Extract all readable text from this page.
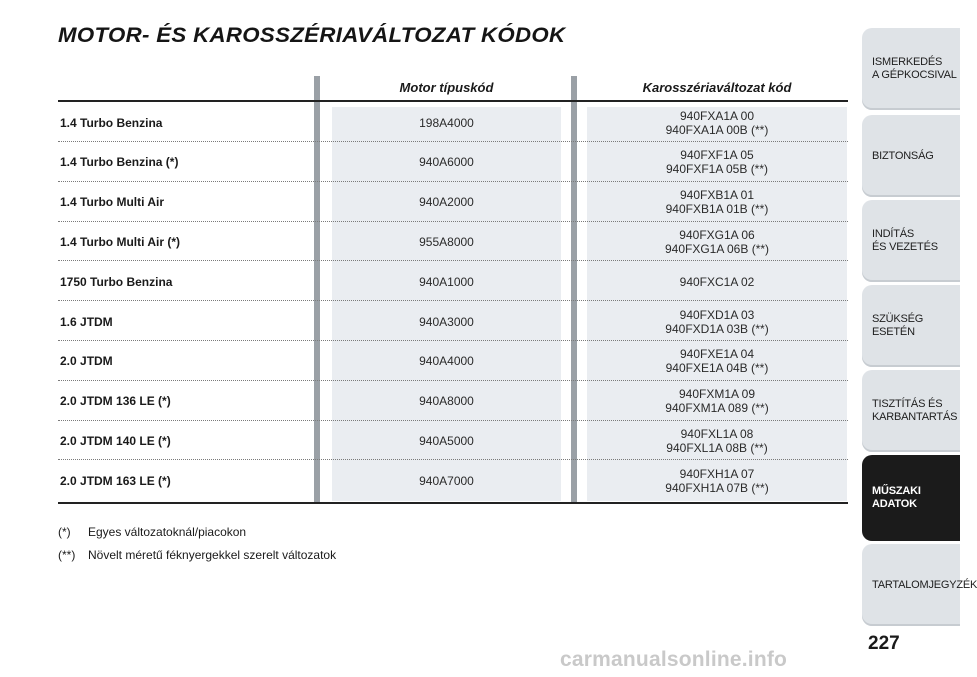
MOTOR- ÉS KAROSSZÉRIAVÁLTOZAT KÓDOK
Motor típuskód	Karosszériaváltozat kód
1.4 Turbo Benzina	198A4000	940FXA1A 00
940FXA1A 00B (**)
1.4 Turbo Benzina (*)	940A6000	940FXF1A 05
940FXF1A 05B (**)
1.4 Turbo Multi Air	940A2000	940FXB1A 01
940FXB1A 01B (**)
1.4 Turbo Multi Air (*)	955A8000	940FXG1A 06
940FXG1A 06B (**)
1750 Turbo Benzina	940A1000	940FXC1A 02
1.6 JTDM	940A3000	940FXD1A 03
940FXD1A 03B (**)
2.0 JTDM	940A4000	940FXE1A 04
940FXE1A 04B (**)
2.0 JTDM 136 LE (*)	940A8000	940FXM1A 09
940FXM1A 089 (**)
2.0 JTDM 140 LE (*)	940A5000	940FXL1A 08
940FXL1A 08B (**)
2.0 JTDM 163 LE (*)	940A7000	940FXH1A 07
940FXH1A 07B (**)
(*)	Egyes változatoknál/piacokon
(**)	Növelt méretű féknyergekkel szerelt változatok
ISMERKEDÉS
A GÉPKOCSIVAL
BIZTONSÁG
INDÍTÁS
ÉS VEZETÉS
SZÜKSÉG
ESETÉN
TISZTÍTÁS ÉS
KARBANTARTÁS
MŰSZAKI
ADATOK
TARTALOMJEGYZÉK
227
carmanualsonline.info
